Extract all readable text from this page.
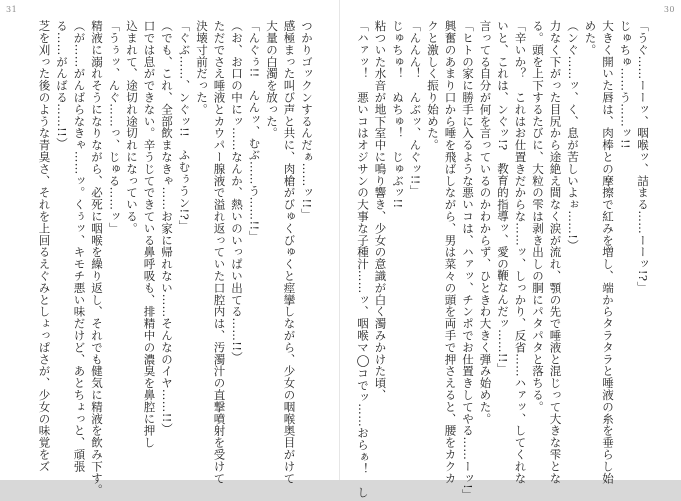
31
つかりゴックンするんだぁ……ッ!!」
感極まった叫び声と共に、肉槍がびゅくびゅくと痙攣しながら、少女の咽喉奥目がけて
大量の白濁を放った。
「んぐぅ!!　んんッ、むぶ……う……!!」
（お、お口の中にッ……なんか、熱いのいっぱい出てる……!!）
ただでさえ唾液とカウパー腺液で溢れ返っていた口腔内は、汚濁汁の直撃噴射を受けて
決壊寸前だった。
「ぐぶ……、ンぐッ!!　ふむぅうン!?」
（でも、これ、全部飲まなきゃ……お家に帰れない……そんなのイヤ……!!）
口では息ができない。辛うじてできている鼻呼吸も、排精中の濃臭を鼻腔に押し
込まれて、途切れ途切れになっている。
「うぅッ、んぐ……っ、じゅる……ッ」
精液に溺れそうになりながら、必死に咽喉を繰り返し、それでも健気に精液を飲み下す。
（が……がんばらなきゃ……ッ。くぅッ、キモチ悪い味だけど、あとちょっと、頑張
る……がんばる……!!）
芝を刈った後のような青臭さ、それを上回るえぐみとしょっぱさが、少女の味覚をズ
30
「うぐ……ーーッ、咽喉ッ、詰まる……ーーッ!?」
じゅちゅ……う……ッ!!
大きく開いた唇は、肉棒との摩擦で紅みを増し、端からタラタラと唾液の糸を垂らし始
めた。
（ンぐ……ッ、く、息が苦しいよぉ……!）
力なく下がった目尻から途絶え間なく涙が流れ、顎の先で唾液と混じって大きな雫とな
る。頭を上下するたびに、大粒の雫は剥き出しの胴にパタパタと落ちる。
「辛いか？　これはお仕置きだからな……ッ、しっかり、反省……ハァッ、してくれな
いと、これは、ンぐッ!?　教育的指導ッ、愛の鞭なんだッ……!!」
言ってる自分が何を言っているのかわからず、ひときわ大きく弾み始めた。
「ヒトの家に勝手に入るような悪いコは、ハァッ、チンポでお仕置きしてやる……ーッ!」
興奮のあまり口から唾を飛ばしながら、男は菜々の頭を両手で押さえると、腰をカクカ
クと激しく振り始めた。
「んんん！　んぶッ、んぐッ!!」
じゅちゅ！　ぬちゅ！　じゅぶッ!!
粘ついた水音が地下室中に鳴り響き、少女の意識が白く濁みかけた頃、
「ハァッ！　悪いコはオジサンの大事な子種汁……ッ、咽喉マ◯コでッ……おらぁ！　し
